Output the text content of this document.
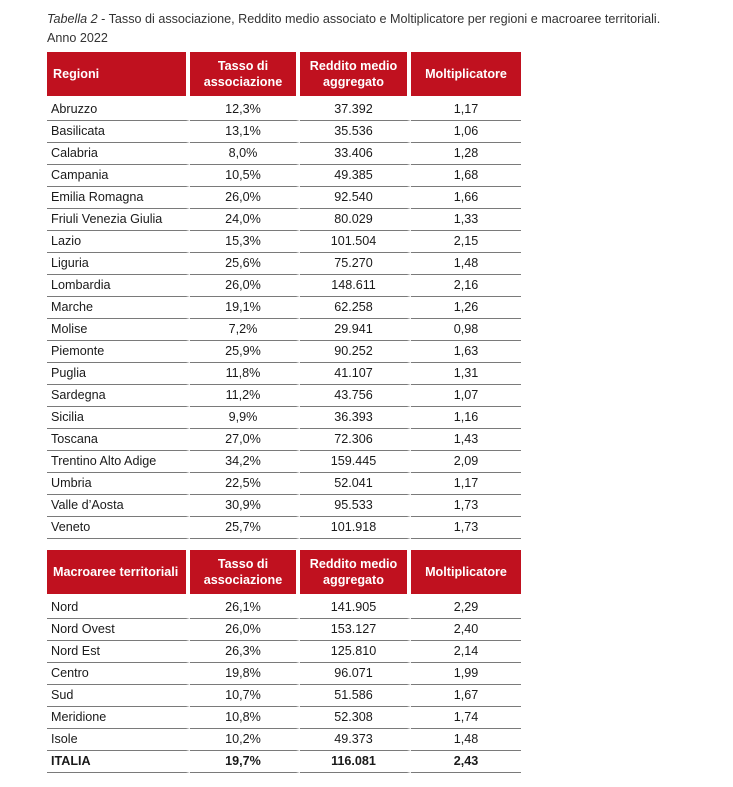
Tabella 2 - Tasso di associazione, Reddito medio associato e Moltiplicatore per regioni e macroaree territoriali.
Anno 2022
Regioni	Tasso di associazione	Reddito medio aggregato	Moltiplicatore
Abruzzo	12,3%	37.392	1,17
Basilicata	13,1%	35.536	1,06
Calabria	8,0%	33.406	1,28
Campania	10,5%	49.385	1,68
Emilia Romagna	26,0%	92.540	1,66
Friuli Venezia Giulia	24,0%	80.029	1,33
Lazio	15,3%	101.504	2,15
Liguria	25,6%	75.270	1,48
Lombardia	26,0%	148.611	2,16
Marche	19,1%	62.258	1,26
Molise	7,2%	29.941	0,98
Piemonte	25,9%	90.252	1,63
Puglia	11,8%	41.107	1,31
Sardegna	11,2%	43.756	1,07
Sicilia	9,9%	36.393	1,16
Toscana	27,0%	72.306	1,43
Trentino Alto Adige	34,2%	159.445	2,09
Umbria	22,5%	52.041	1,17
Valle d’Aosta	30,9%	95.533	1,73
Veneto	25,7%	101.918	1,73
Macroaree territoriali	Tasso di associazione	Reddito medio aggregato	Moltiplicatore
Nord	26,1%	141.905	2,29
Nord Ovest	26,0%	153.127	2,40
Nord Est	26,3%	125.810	2,14
Centro	19,8%	96.071	1,99
Sud	10,7%	51.586	1,67
Meridione	10,8%	52.308	1,74
Isole	10,2%	49.373	1,48
ITALIA	19,7%	116.081	2,43
